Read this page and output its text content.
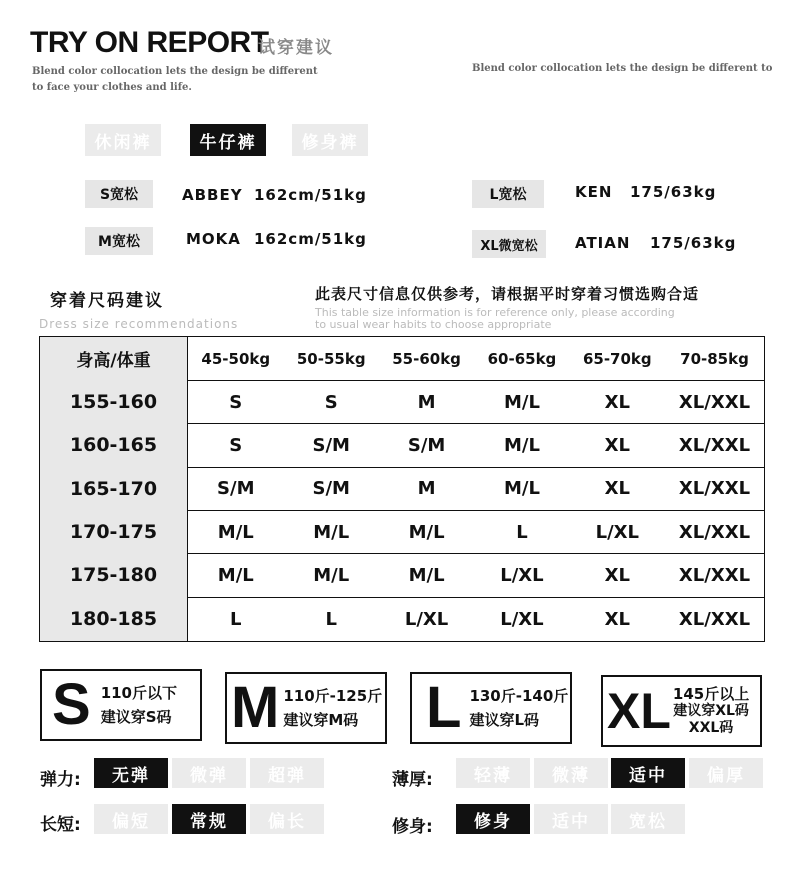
TRY ON REPORT
试穿建议
Blend color collocation lets the design be different to face your clothes and life.
Blend color collocation lets the design be different to
休闲裤	牛仔裤	修身裤
S宽松	ABBEY 162cm/51kg
M宽松	MOKA 162cm/51kg
L宽松	KEN 175/63kg
XL微宽松	ATIAN 175/63kg
穿着尺码建议
Dress size recommendations
此表尺寸信息仅供参考，请根据平时穿着习惯选购合适
This table size information is for reference only, please according
to usual wear habits to choose appropriate
身高/体重	45-50kg	50-55kg	55-60kg	60-65kg	65-70kg	70-85kg
155-160	S	S	M	M/L	XL	XL/XXL
160-165	S	S/M	S/M	M/L	XL	XL/XXL
165-170	S/M	S/M	M	M/L	XL	XL/XXL
170-175	M/L	M/L	M/L	L	L/XL	XL/XXL
175-180	M/L	M/L	M/L	L/XL	XL	XL/XXL
180-185	L	L	L/XL	L/XL	XL	XL/XXL
S 110斤以下
建议穿S码 M 110斤-125斤
建议穿M码	L 130斤-140斤
建议穿L码	XL 145斤以上
建议穿XL码
XXL码
弹力:	无弹	微弹	超弹	薄厚:	轻薄	微薄	适中	偏厚
长短:	偏短	常规	偏长	修身:	修身	适中	宽松
